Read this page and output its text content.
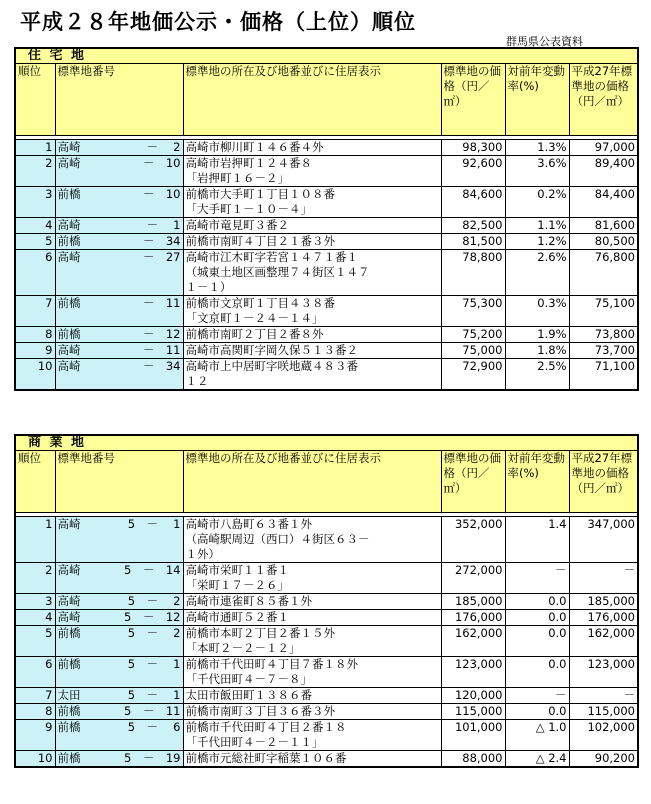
平成２８年地価公示・価格（上位）順位
群馬県公表資料
住 宅 地					
順位	標準地番号	標準地の所在及び地番並びに住居表示	標準地の価格（円／㎡）	対前年変動率(%)	平成27年標準地の価格（円／㎡）

1	高崎 －　 2	高崎市柳川町１４６番４外	98,300	1.3%	97,000
2	高崎 －　10	高崎市岩押町１２４番８
「岩押町１６－２」	92,600	3.6%	89,400
3	前橋 －　10	前橋市大手町１丁目１０８番
「大手町１－１０－４」	84,600	0.2%	84,400
4	高崎 －　 1	高崎市竜見町３番２	82,500	1.1%	81,600
5	前橋 －　34	前橋市南町４丁目２１番３外	81,500	1.2%	80,500
6	高崎 －　27	高崎市江木町字若宮１４７１番１
（城東土地区画整理７４街区１４７
１－１）	78,800	2.6%	76,800
7	前橋 －　11	前橋市文京町１丁目４３８番
「文京町１－２４－１４」	75,300	0.3%	75,100
8	前橋 －　12	前橋市南町２丁目２番８外	75,200	1.9%	73,800
9	高崎 －　11	高崎市高関町字岡久保５１３番２	75,000	1.8%	73,700
10	高崎 －　34	高崎市上中居町字咲地蔵４８３番
１２	72,900	2.5%	71,100
商 業 地					
順位	標準地番号	標準地の所在及び地番並びに住居表示	標準地の価格（円／㎡）	対前年変動率(%)	平成27年標準地の価格（円／㎡）

1	高崎 5　－　 1	高崎市八島町６３番１外
（高崎駅周辺（西口）４街区６３－
１外）	352,000	1.4	347,000
2	高崎 5　－　14	高崎市栄町１１番１
「栄町１７－２６」	272,000	－	－
3	高崎 5　－　 2	高崎市連雀町８５番１外	185,000	0.0	185,000
4	高崎 5　－　12	高崎市通町５２番１	176,000	0.0	176,000
5	前橋 5　－　 2	前橋市本町２丁目２番１５外
「本町２－２－１２」	162,000	0.0	162,000
6	前橋 5　－　 1	前橋市千代田町４丁目７番１８外
「千代田町４－７－８」	123,000	0.0	123,000
7	太田 5　－　 1	太田市飯田町１３８６番	120,000	－	－
8	前橋 5　－　11	前橋市南町３丁目３６番３外	115,000	0.0	115,000
9	前橋 5　－　 6	前橋市千代田町４丁目２番１８
「千代田町４－２－１１」	101,000	△ 1.0	102,000
10	前橋 5　－　19	前橋市元総社町字稲葉１０６番	88,000	△ 2.4	90,200
